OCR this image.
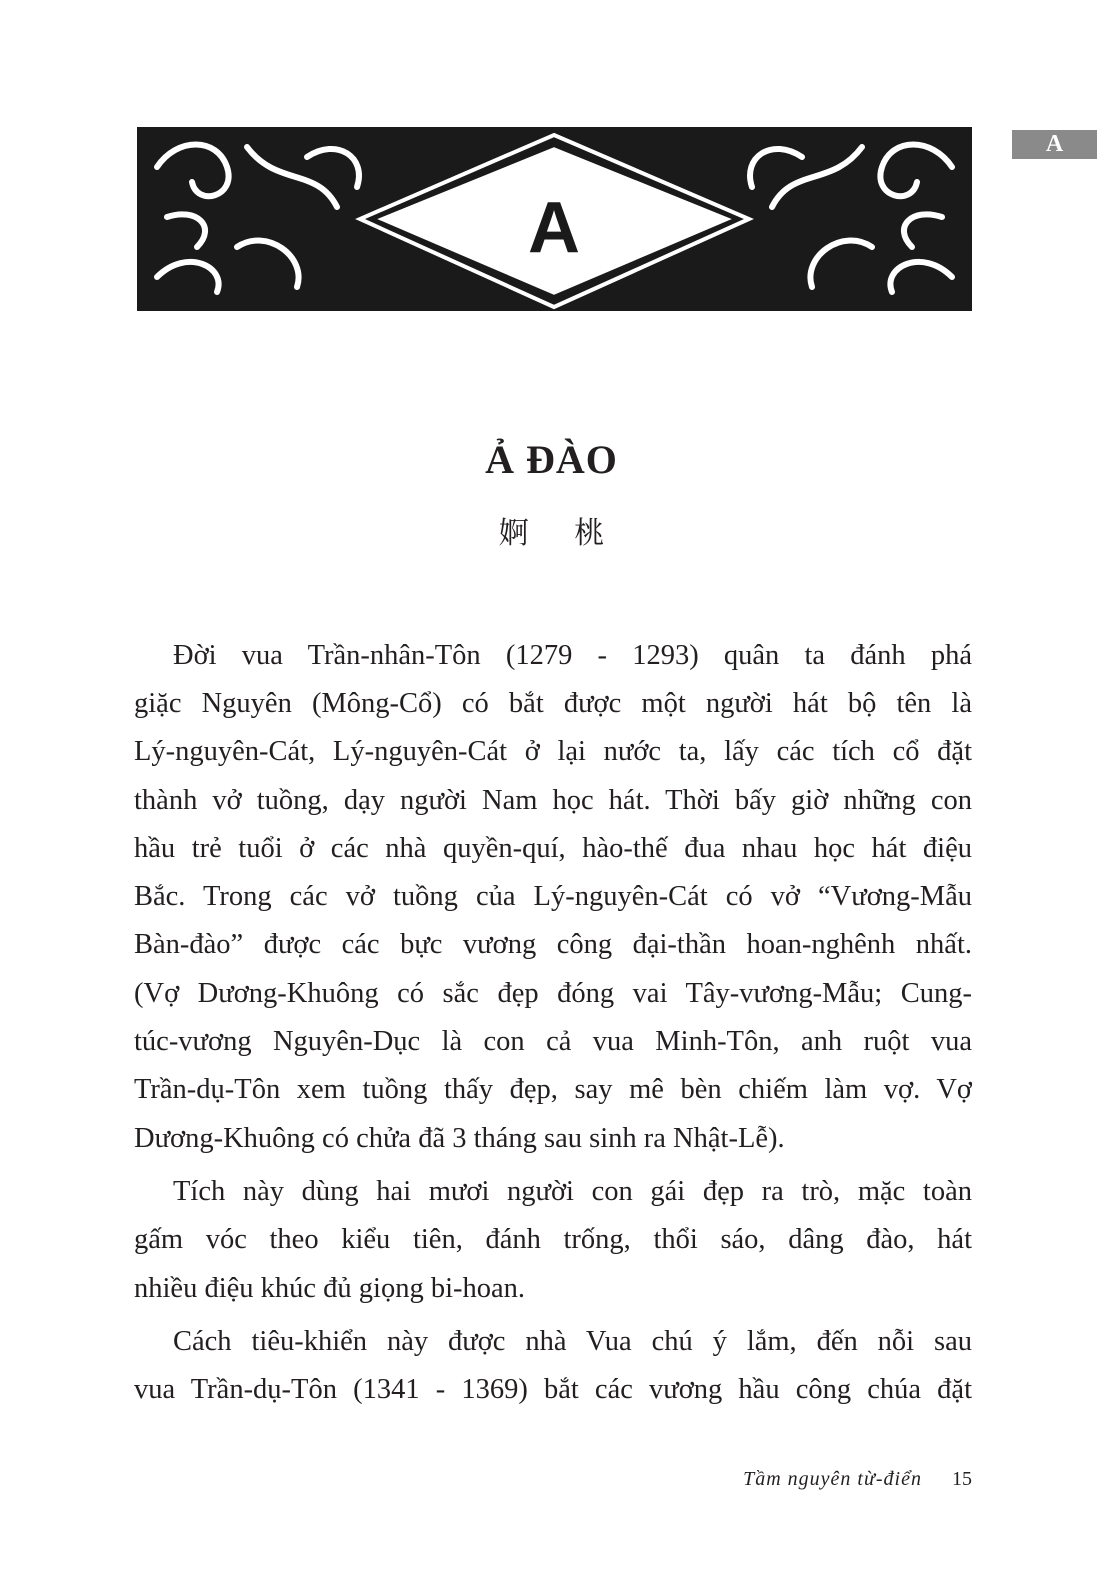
A
A
Ả ĐÀO
婀 桃
Đời vua Trần-nhân-Tôn (1279 - 1293) quân ta đánh phá
giặc Nguyên (Mông-Cổ) có bắt được một người hát bộ tên là
Lý-nguyên-Cát, Lý-nguyên-Cát ở lại nước ta, lấy các tích cổ đặt
thành vở tuồng, dạy người Nam học hát. Thời bấy giờ những con
hầu trẻ tuổi ở các nhà quyền-quí, hào-thế đua nhau học hát điệu
Bắc. Trong các vở tuồng của Lý-nguyên-Cát có vở “Vương-Mẫu
Bàn-đào” được các bực vương công đại-thần hoan-nghênh nhất.
(Vợ Dương-Khuông có sắc đẹp đóng vai Tây-vương-Mẫu; Cung-
túc-vương Nguyên-Dục là con cả vua Minh-Tôn, anh ruột vua
Trần-dụ-Tôn xem tuồng thấy đẹp, say mê bèn chiếm làm vợ. Vợ
Dương-Khuông có chửa đã 3 tháng sau sinh ra Nhật-Lễ).
Tích này dùng hai mươi người con gái đẹp ra trò, mặc toàn
gấm vóc theo kiểu tiên, đánh trống, thổi sáo, dâng đào, hát
nhiều điệu khúc đủ giọng bi-hoan.
Cách tiêu-khiển này được nhà Vua chú ý lắm, đến nỗi sau
vua Trần-dụ-Tôn (1341 - 1369) bắt các vương hầu công chúa đặt
Tầm nguyên từ-điển 15
